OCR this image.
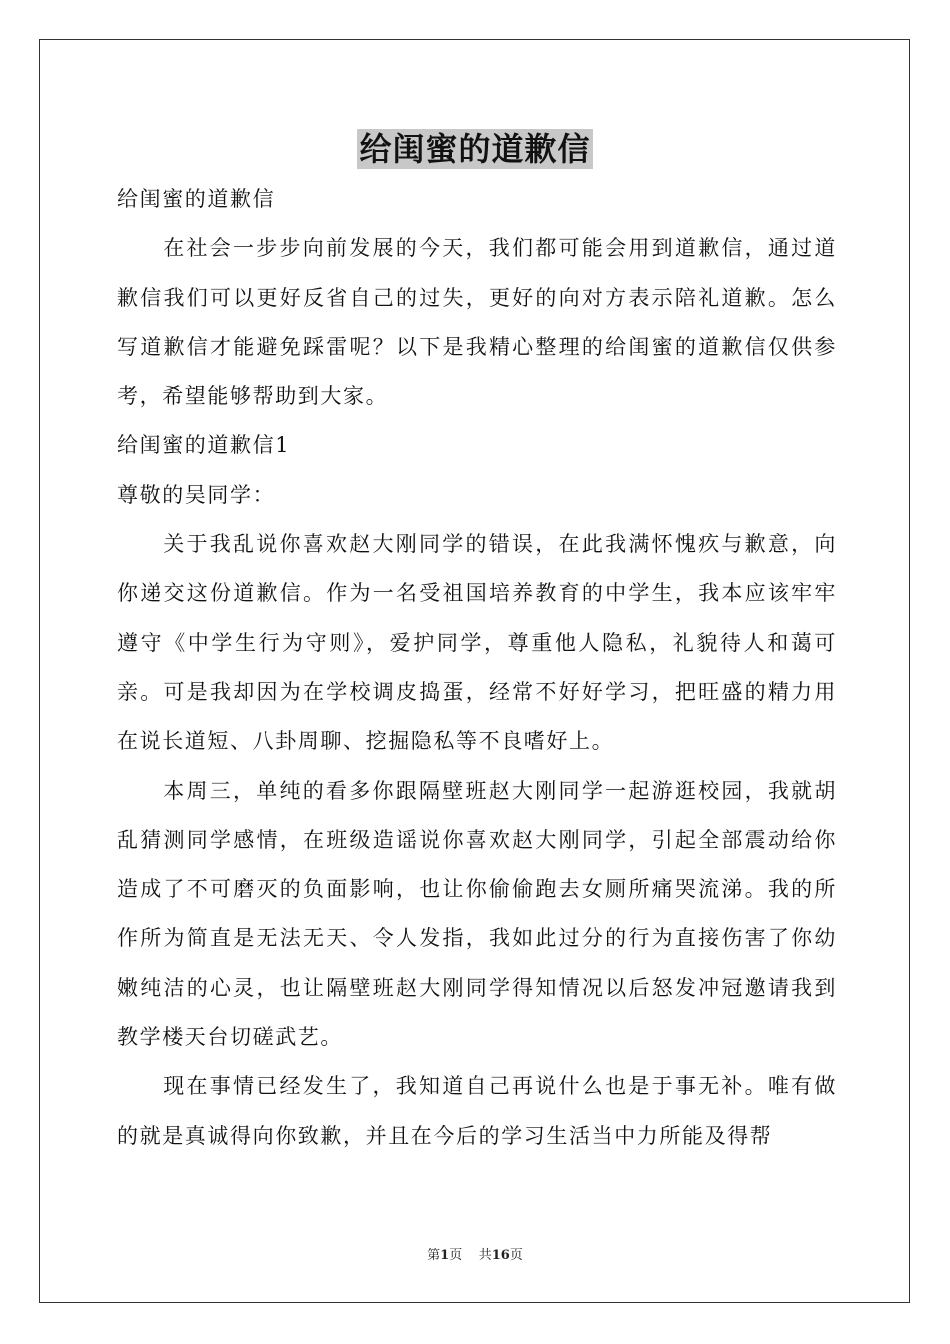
给闺蜜的道歉信

给闺蜜的道歉信

在社会一步步向前发展的今天，我们都可能会用到道歉信，通过道歉信我们可以更好反省自己的过失，更好的向对方表示陪礼道歉。怎么写道歉信才能避免踩雷呢？以下是我精心整理的给闺蜜的道歉信仅供参考，希望能够帮助到大家。

给闺蜜的道歉信1

尊敬的吴同学：

关于我乱说你喜欢赵大刚同学的错误，在此我满怀愧疚与歉意，向你递交这份道歉信。作为一名受祖国培养教育的中学生，我本应该牢牢遵守《中学生行为守则》，爱护同学，尊重他人隐私，礼貌待人和蔼可亲。可是我却因为在学校调皮捣蛋，经常不好好学习，把旺盛的精力用在说长道短、八卦周聊、挖掘隐私等不良嗜好上。

本周三，单纯的看多你跟隔壁班赵大刚同学一起游逛校园，我就胡乱猜测同学感情，在班级造谣说你喜欢赵大刚同学，引起全部震动给你造成了不可磨灭的负面影响，也让你偷偷跑去女厕所痛哭流涕。我的所作所为简直是无法无天、令人发指，我如此过分的行为直接伤害了你幼嫩纯洁的心灵，也让隔壁班赵大刚同学得知情况以后怒发冲冠邀请我到教学楼天台切磋武艺。

现在事情已经发生了，我知道自己再说什么也是于事无补。唯有做的就是真诚得向你致歉，并且在今后的学习生活当中力所能及得帮

第1页 共16页
